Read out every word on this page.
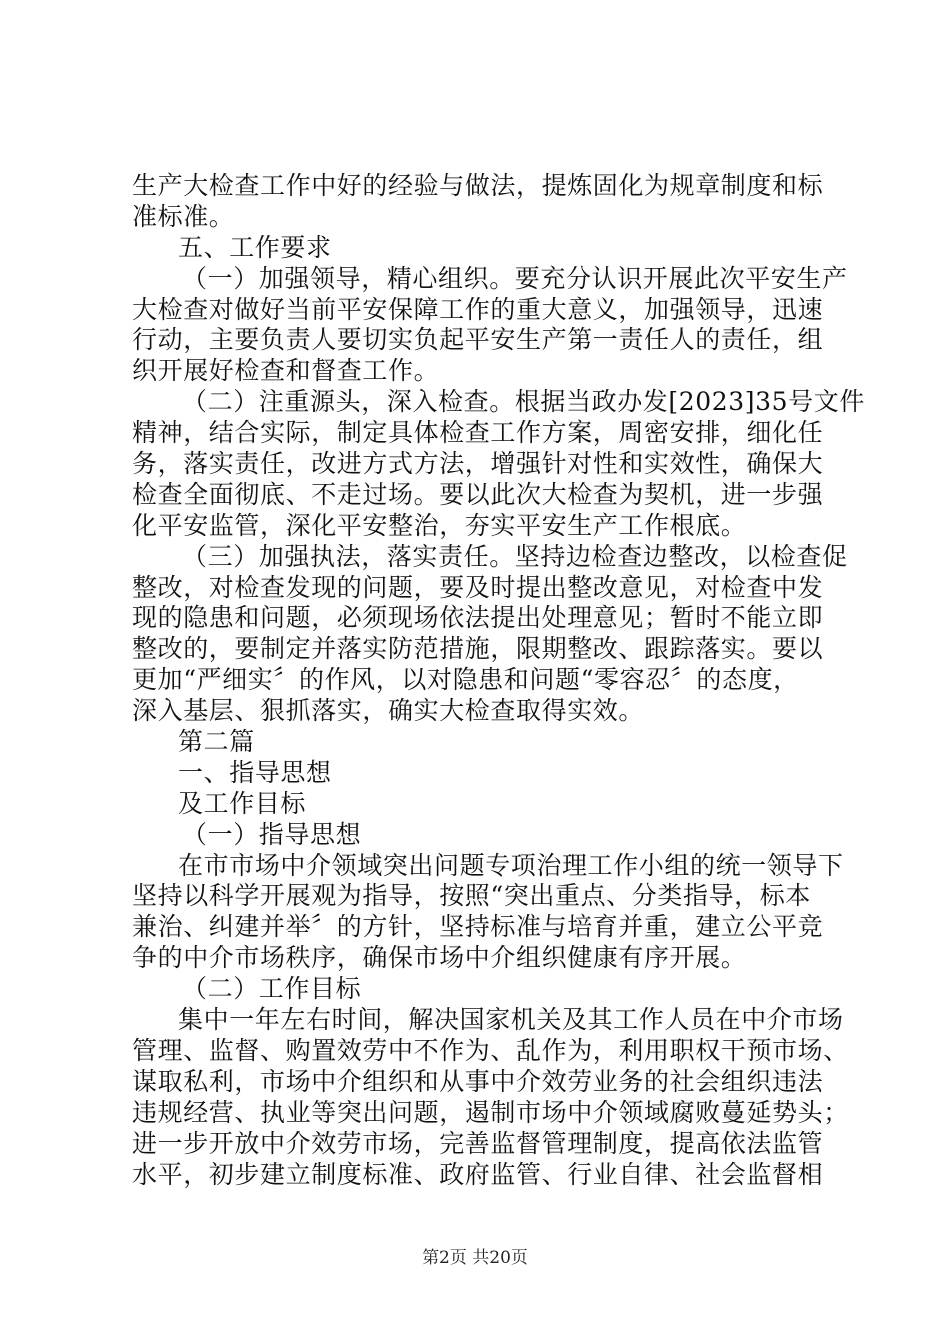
生产大检查工作中好的经验与做法，提炼固化为规章制度和标
准标准。
五、工作要求
（一）加强领导，精心组织。要充分认识开展此次平安生产
大检查对做好当前平安保障工作的重大意义，加强领导，迅速
行动，主要负责人要切实负起平安生产第一责任人的责任，组
织开展好检查和督查工作。
（二）注重源头，深入检查。根据当政办发[2023]35号文件
精神，结合实际，制定具体检查工作方案，周密安排，细化任
务，落实责任，改进方式方法，增强针对性和实效性，确保大
检查全面彻底、不走过场。要以此次大检查为契机，进一步强
化平安监管，深化平安整治，夯实平安生产工作根底。
（三）加强执法，落实责任。坚持边检查边整改，以检查促
整改，对检查发现的问题，要及时提出整改意见，对检查中发
现的隐患和问题，必须现场依法提出处理意见；暂时不能立即
整改的，要制定并落实防范措施，限期整改、跟踪落实。要以
更加“严细实〞的作风，以对隐患和问题“零容忍〞的态度，
深入基层、狠抓落实，确实大检查取得实效。
第二篇
一、指导思想
及工作目标
（一）指导思想
在市市场中介领域突出问题专项治理工作小组的统一领导下
坚持以科学开展观为指导，按照“突出重点、分类指导，标本
兼治、纠建并举〞的方针，坚持标准与培育并重，建立公平竞
争的中介市场秩序，确保市场中介组织健康有序开展。
（二）工作目标
集中一年左右时间，解决国家机关及其工作人员在中介市场
管理、监督、购置效劳中不作为、乱作为，利用职权干预市场、
谋取私利，市场中介组织和从事中介效劳业务的社会组织违法
违规经营、执业等突出问题，遏制市场中介领域腐败蔓延势头；
进一步开放中介效劳市场，完善监督管理制度，提高依法监管
水平，初步建立制度标准、政府监管、行业自律、社会监督相
第2页 共20页
